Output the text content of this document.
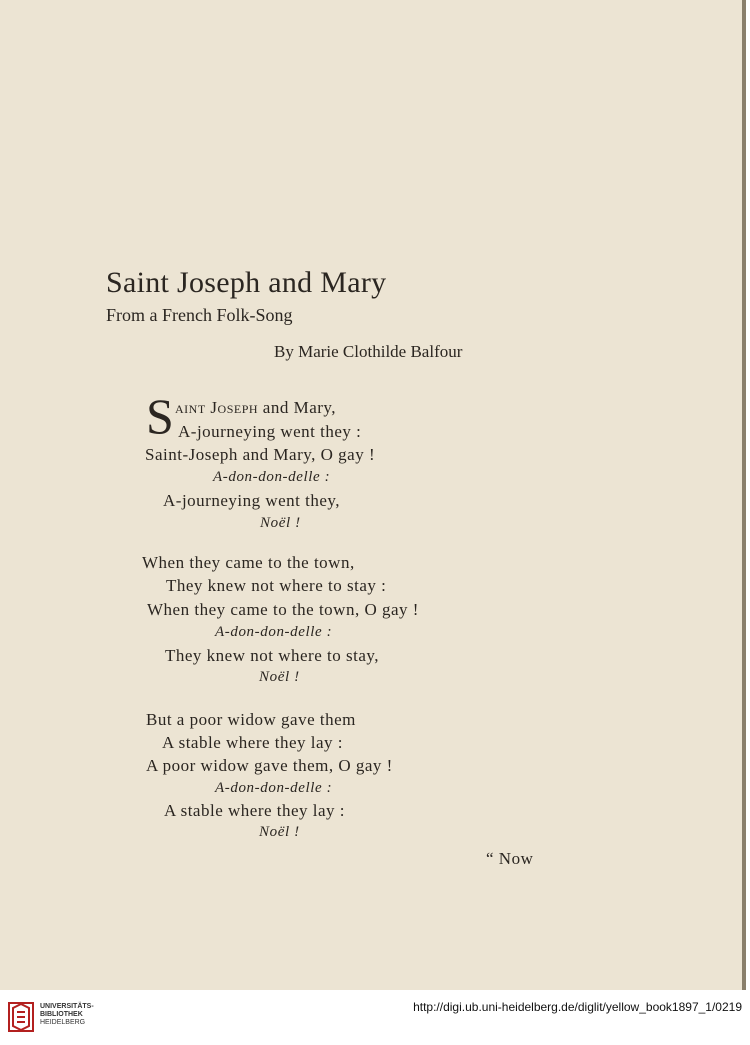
Saint Joseph and Mary
From a French Folk-Song
By Marie Clothilde Balfour
S aint Joseph and Mary,
A-journeying went they :
Saint-Joseph and Mary, O gay !
A-don-don-delle :
A-journeying went they,
Noël !
When they came to the town,
They knew not where to stay :
When they came to the town, O gay !
A-don-don-delle :
They knew not where to stay,
Noël !
But a poor widow gave them
A stable where they lay :
A poor widow gave them, O gay !
A-don-don-delle :
A stable where they lay :
Noël !
“ Now
UNIVERSITÄTS-
BIBLIOTHEK
HEIDELBERG
http://digi.ub.uni-heidelberg.de/diglit/yellow_book1897_1/0219
